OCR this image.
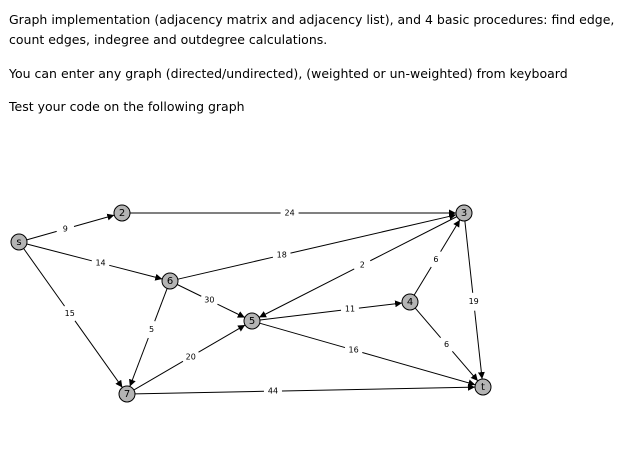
Graph implementation (adjacency matrix and adjacency list), and 4 basic procedures: find edge, count edges, indegree and outdegree calculations.

You can enter any graph (directed/undirected), (weighted or un-weighted) from keyboard

Test your code on the following graph

9
14
15
24
18
30
5
2
19
6
6
11
16
20
44
s
2	3
4
5
6
7
t
